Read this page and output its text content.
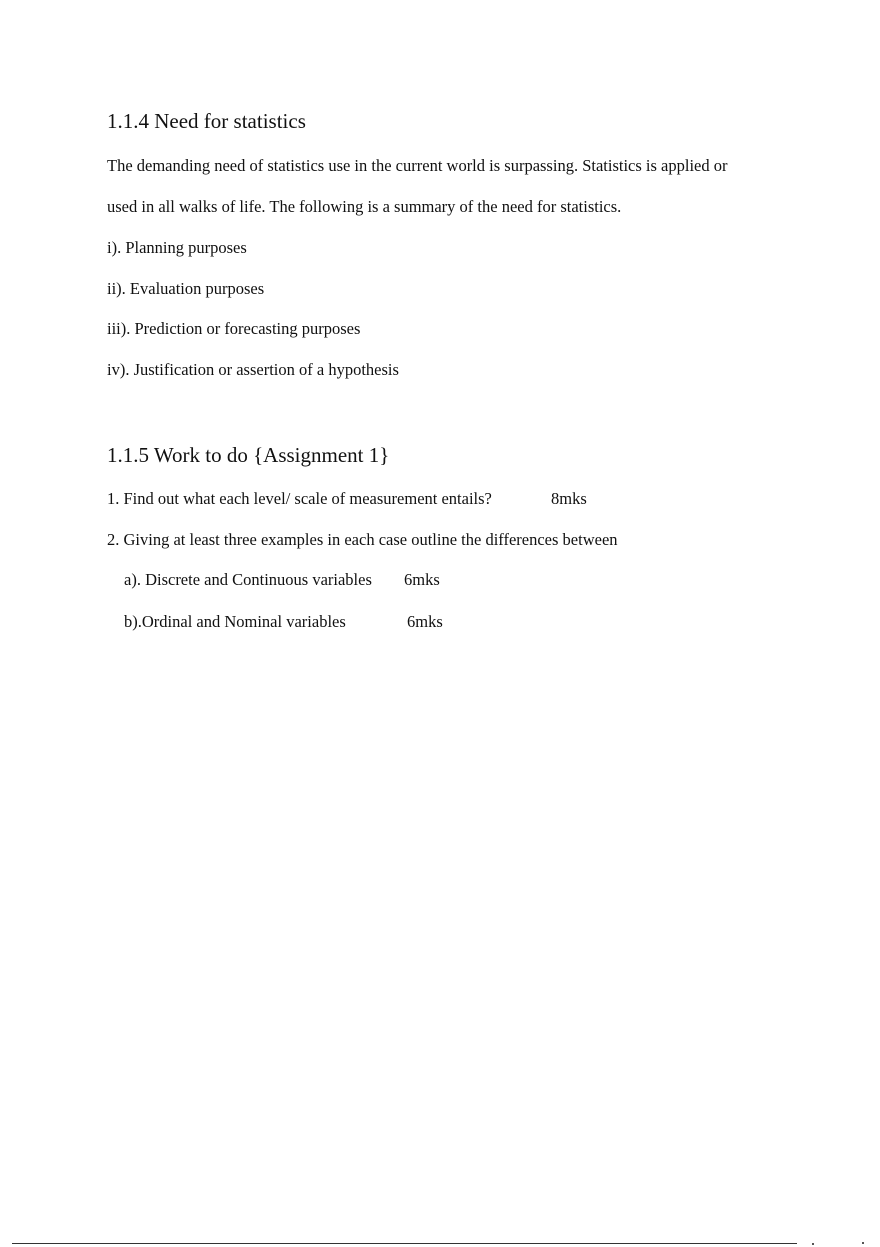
1.1.4 Need for statistics
The demanding need of statistics use in the current world is surpassing. Statistics is applied or
used in all walks of life. The following is a summary of the need for statistics.
i). Planning purposes
ii). Evaluation purposes
iii). Prediction or forecasting purposes
iv). Justification or assertion of a hypothesis
1.1.5 Work to do {Assignment 1}
1. Find out what each level/ scale of measurement entails?	8mks
2. Giving at least three examples in each case outline the differences between
a). Discrete and Continuous variables 6mks
b).Ordinal and Nominal variables	6mks
